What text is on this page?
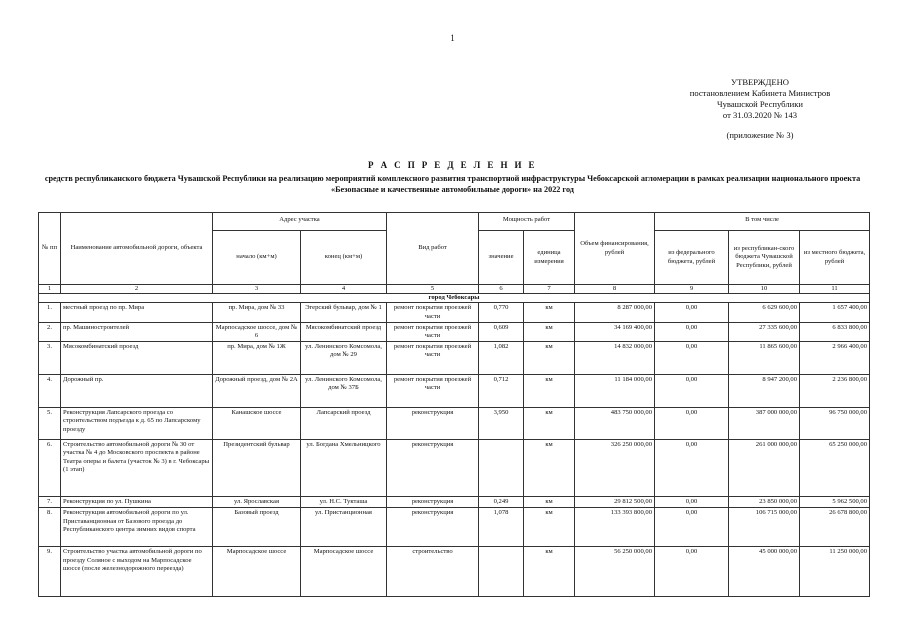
1
УТВЕРЖДЕНО
постановлением Кабинета Министров
Чувашской Республики
от 31.03.2020 № 143
(приложение № 3)
Р А С П Р Е Д Е Л Е Н И Е
средств республиканского бюджета Чувашской Республики на реализацию мероприятий комплексного развития транспортной инфраструктуры Чебоксарской агломерации в рамках реализации национального проекта «Безопасные и качественные автомобильные дороги» на 2022 год
№ пп	Наименование автомобильной дороги, объекта	Адрес участка		Вид работ	Мощность работ		Объем финансирования, рублей	В том числе		
		начало (км+м)	конец (км+м)		значение	единица измерения		из федерального бюджета, рублей	из республикан-ского бюджета Чувашской Республики, рублей	из местного бюджета, рублей
1	2	3	4	5	6	7	8	9	10	11
город Чебоксары										
1.	местный проезд по пр. Мира	пр. Мира, дом № 33	Эгерский бульвар, дом № 1	ремонт покрытия проезжей части	0,770	км	8 287 000,00	0,00	6 629 600,00	1 657 400,00
2.	пр. Машиностроителей	Марпосадское шоссе, дом № 6	Мясокомбинатский проезд	ремонт покрытия проезжей части	0,609	км	34 169 400,00	0,00	27 335 600,00	6 833 800,00
3.	Мясокомбинатский проезд	пр. Мира, дом № 1Ж	ул. Ленинского Комсомола, дом № 29	ремонт покрытия проезжей части	1,082	км	14 832 000,00	0,00	11 865 600,00	2 966 400,00
4.	Дорожный пр.	Дорожный проезд, дом № 2А	ул. Ленинского Комсомола, дом № 37Б	ремонт покрытия проезжей части	0,712	км	11 184 000,00	0,00	8 947 200,00	2 236 800,00
5.	Реконструкция Лапсарского проезда со строительством подъезда к д. 65 по Лапсарскому проезду	Канашское шоссе	Лапсарский проезд	реконструкция	3,950	км	483 750 000,00	0,00	387 000 000,00	96 750 000,00
6.	Строительство автомобильной дороги № 30 от участка № 4 до Московского проспекта в районе Театра оперы и балета (участок № 3) в г. Чебоксары (1 этап)	Президентский бульвар	ул. Богдана Хмельницкого	реконструкция		км	326 250 000,00	0,00	261 000 000,00	65 250 000,00
7.	Реконструкция по ул. Пушкина	ул. Ярославская	ул. Н.С. Тукташа	реконструкция	0,249	км	29 812 500,00	0,00	23 850 000,00	5 962 500,00
8.	Реконструкция автомобильной дороги по ул. Приставанционная от Базового проезда до Республиканского центра зимних видов спорта	Базовый проезд	ул. Пристанционная	реконструкция	1,078	км	133 393 800,00	0,00	106 715 000,00	26 678 800,00
9.	Строительство участка автомобильной дороги по проезду Соляное с выходом на Марпосадское шоссе (после железнодорожного переезда)	Марпосадское шоссе	Марпосадское шоссе	строительство		км	56 250 000,00	0,00	45 000 000,00	11 250 000,00
